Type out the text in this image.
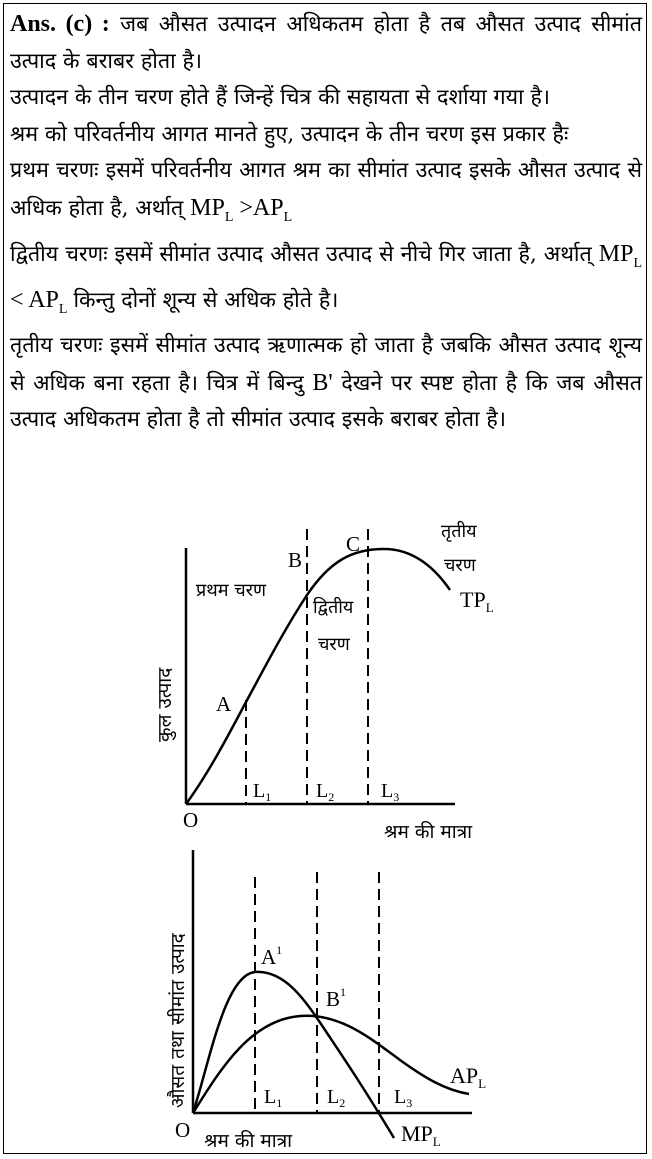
Ans. (c) : जब औसत उत्पादन अधिकतम होता है तब औसत उत्पाद सीमांत उत्पाद के बराबर होता है।

उत्पादन के तीन चरण होते हैं जिन्हें चित्र की सहायता से दर्शाया गया है।

श्रम को परिवर्तनीय आगत मानते हुए, उत्पादन के तीन चरण इस प्रकार हैः

प्रथम चरणः इसमें परिवर्तनीय आगत श्रम का सीमांत उत्पाद इसके औसत उत्पाद से अधिक होता है, अर्थात् $MP_L >AP_L$

द्वितीय चरणः इसमें सीमांत उत्पाद औसत उत्पाद से नीचे गिर जाता है, अर्थात् $MP_L < AP_L$ किन्तु दोनों शून्य से अधिक होते है।

तृतीय चरणः इसमें सीमांत उत्पाद ऋणात्मक हो जाता है जबकि औसत उत्पाद शून्य से अधिक बना रहता है। चित्र में बिन्दु B' देखने पर स्पष्ट होता है कि जब औसत उत्पाद अधिकतम होता है तो सीमांत उत्पाद इसके बराबर होता है।

कुल उत्पाद
श्रम की मात्रा
O
A
B
C
$L_1$ $L_2$ $L_3$
प्रथम चरण
द्वितीय
चरण
तृतीय
चरण
$TP_L$
औसत तथा सीमांत उत्पाद
श्रम की मात्रा
O
$A^1$
$B^1$
$L_1$ $L_2$ $L_3$
$AP_L$
$MP_L$
